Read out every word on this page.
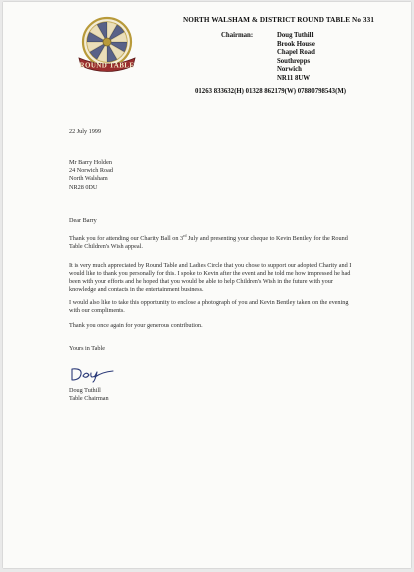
ROUND TABLE
NORTH WALSHAM & DISTRICT ROUND TABLE No 331
Chairman:	Doug Tuthill
Brook House
Chapel Road
Southrepps
Norwich
NR11 8UW
01263 833632(H) 01328 862179(W) 07880798543(M)
22 July 1999
Mr Barry Holden
24 Norwich Road
North Walsham
NR28 0DU
Dear Barry
Thank you for attending our Charity Ball on 3rd July and presenting your cheque to Kevin Bentley for the Round Table Children's Wish appeal.
It is very much appreciated by Round Table and Ladies Circle that you chose to support our adopted Charity and I would like to thank you personally for this. I spoke to Kevin after the event and he told me how impressed he had been with your efforts and he hoped that you would be able to help Children's Wish in the future with your knowledge and contacts in the entertainment business.
I would also like to take this opportunity to enclose a photograph of you and Kevin Bentley taken on the evening with our compliments.
Thank you once again for your generous contribution.
Yours in Table
Doug Tuthill
Table Chairman
